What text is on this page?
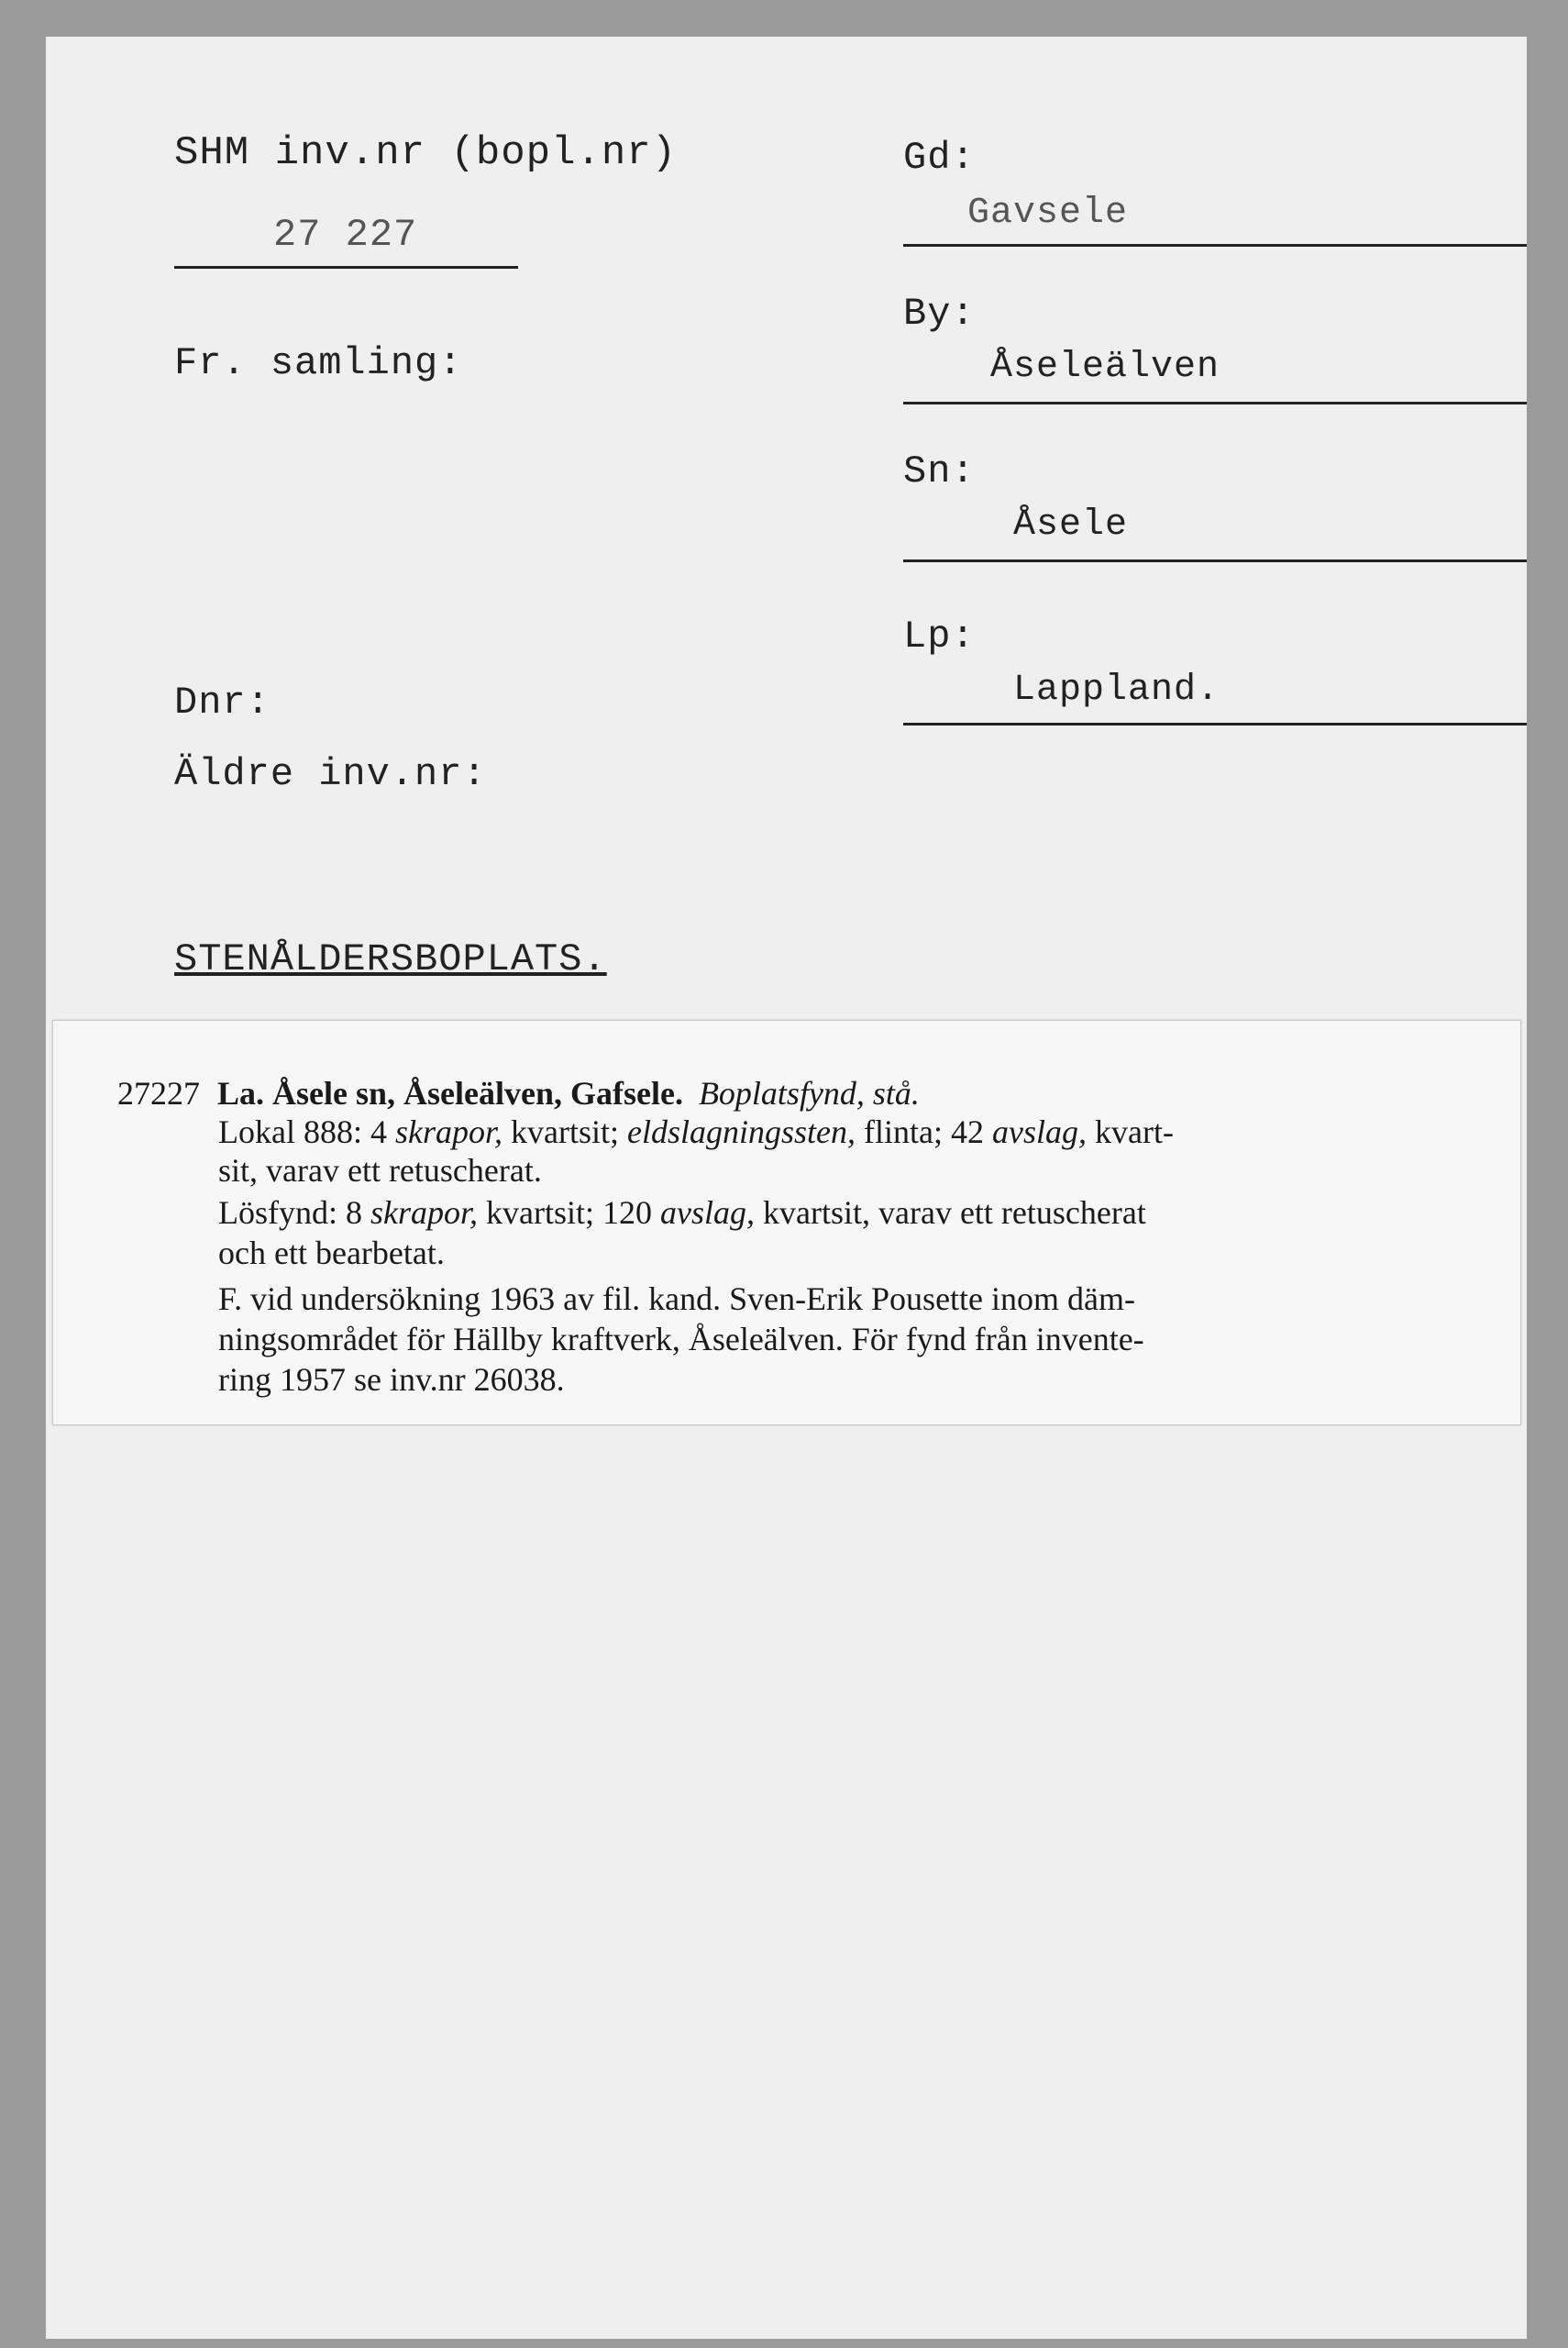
SHM inv.nr (bopl.nr)
27 227
Fr. samling:
Dnr:
Äldre inv.nr:
Gd:
Gavsele
By:
Åseleälven
Sn:
Åsele
Lp:
Lappland.
STENÅLDERSBOPLATS.

27227 La. Åsele sn, Åseleälven, Gafsele. Boplatsfynd, stå.

Lokal 888: 4 skrapor, kvartsit; eldslagningssten, flinta; 42 avslag, kvart-

sit, varav ett retuscherat.

Lösfynd: 8 skrapor, kvartsit; 120 avslag, kvartsit, varav ett retuscherat

och ett bearbetat.

F. vid undersökning 1963 av fil. kand. Sven-Erik Pousette inom däm-

ningsområdet för Hällby kraftverk, Åseleälven. För fynd från invente-

ring 1957 se inv.nr 26038.
